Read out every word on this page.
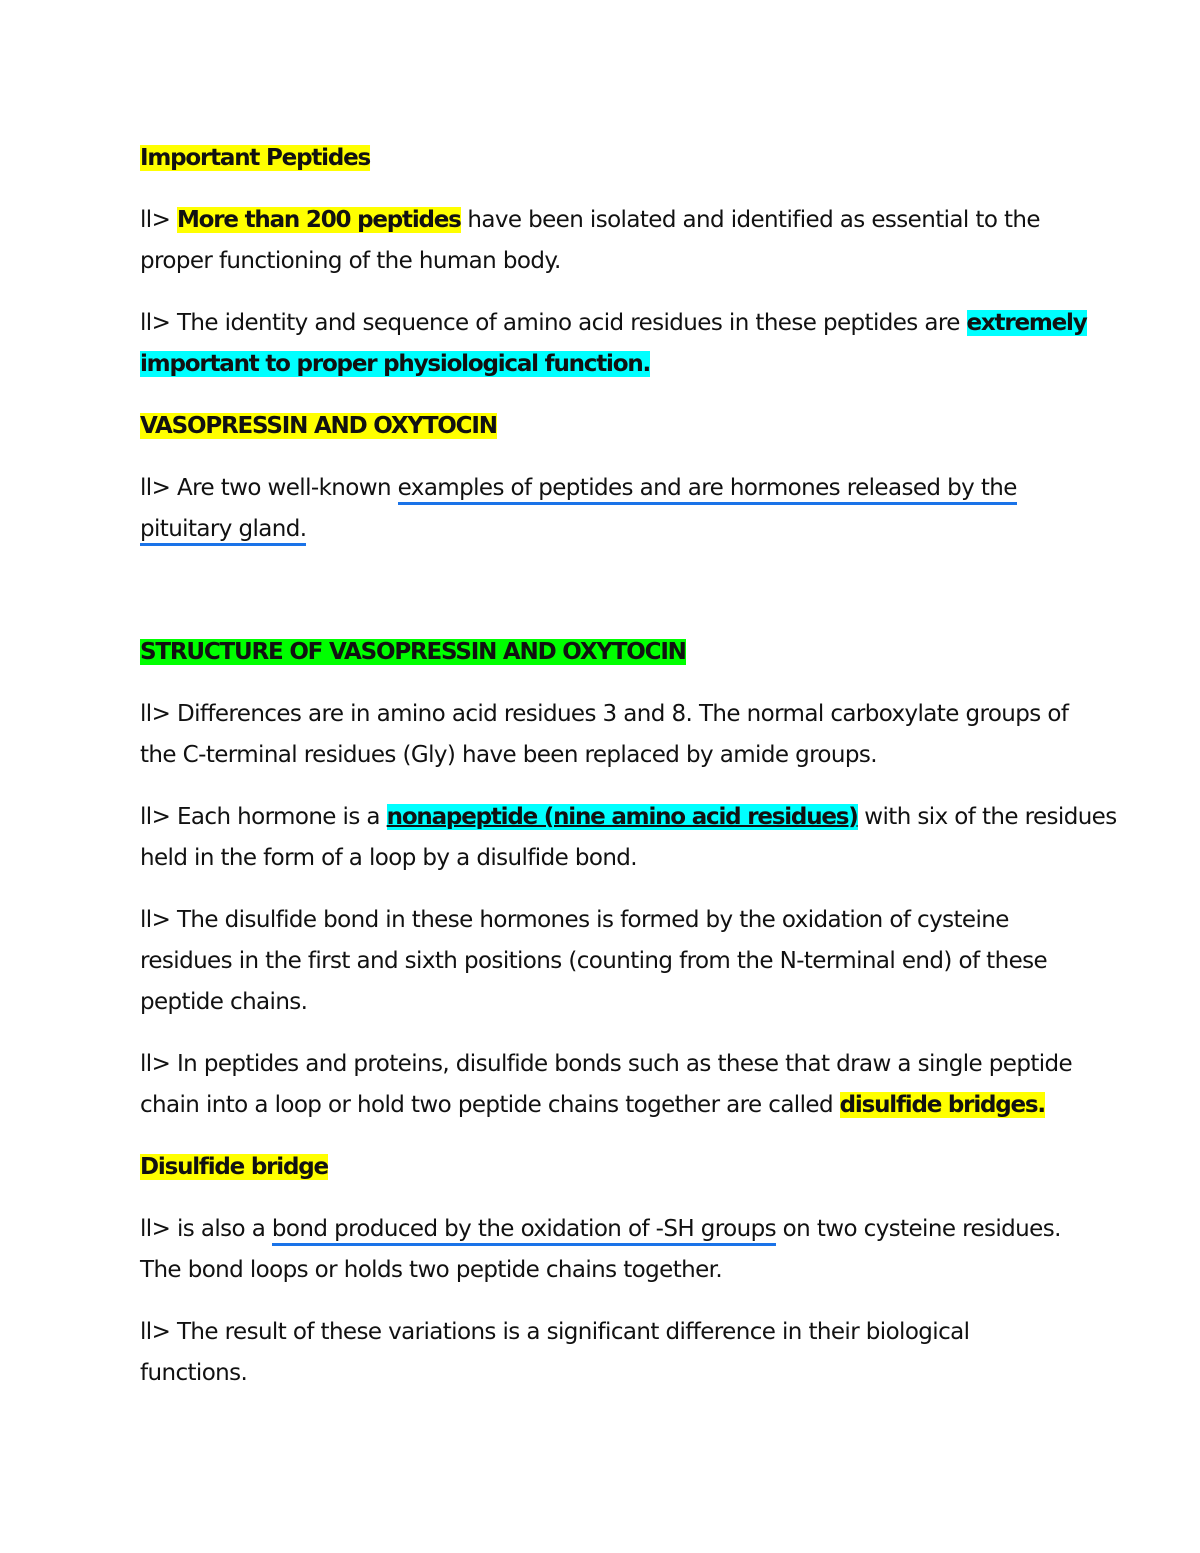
Important Peptides
ll> More than 200 peptides have been isolated and identified as essential to the
proper functioning of the human body.
ll> The identity and sequence of amino acid residues in these peptides are extremely
important to proper physiological function.
VASOPRESSIN AND OXYTOCIN
ll> Are two well-known examples of peptides and are hormones released by the
pituitary gland.
STRUCTURE OF VASOPRESSIN AND OXYTOCIN
ll> Differences are in amino acid residues 3 and 8. The normal carboxylate groups of
the C-terminal residues (Gly) have been replaced by amide groups.
ll> Each hormone is a nonapeptide (nine amino acid residues) with six of the residues
held in the form of a loop by a disulfide bond.
ll> The disulfide bond in these hormones is formed by the oxidation of cysteine
residues in the first and sixth positions (counting from the N-terminal end) of these
peptide chains.
ll> In peptides and proteins, disulfide bonds such as these that draw a single peptide
chain into a loop or hold two peptide chains together are called disulfide bridges.
Disulfide bridge
ll> is also a bond produced by the oxidation of -SH groups on two cysteine residues.
The bond loops or holds two peptide chains together.
ll> The result of these variations is a significant difference in their biological
functions.
